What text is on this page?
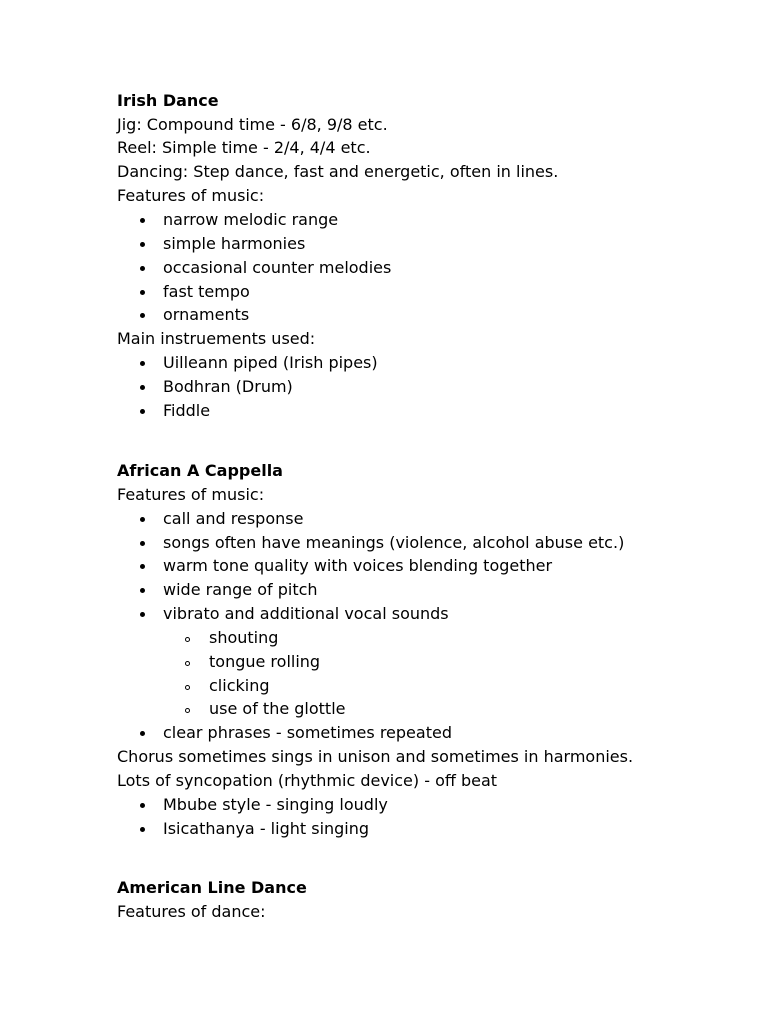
Irish Dance
Jig: Compound time - 6/8, 9/8 etc.
Reel: Simple time - 2/4, 4/4 etc.
Dancing: Step dance, fast and energetic, often in lines.
Features of music:
narrow melodic range
simple harmonies
occasional counter melodies
fast tempo
ornaments
Main instruements used:
Uilleann piped (Irish pipes)
Bodhran (Drum)
Fiddle
African A Cappella
Features of music:
call and response
songs often have meanings (violence, alcohol abuse etc.)
warm tone quality with voices blending together
wide range of pitch
vibrato and additional vocal sounds
shouting
tongue rolling
clicking
use of the glottle
clear phrases - sometimes repeated
Chorus sometimes sings in unison and sometimes in harmonies.
Lots of syncopation (rhythmic device) - off beat
Mbube style - singing loudly
Isicathanya - light singing
American Line Dance
Features of dance:
